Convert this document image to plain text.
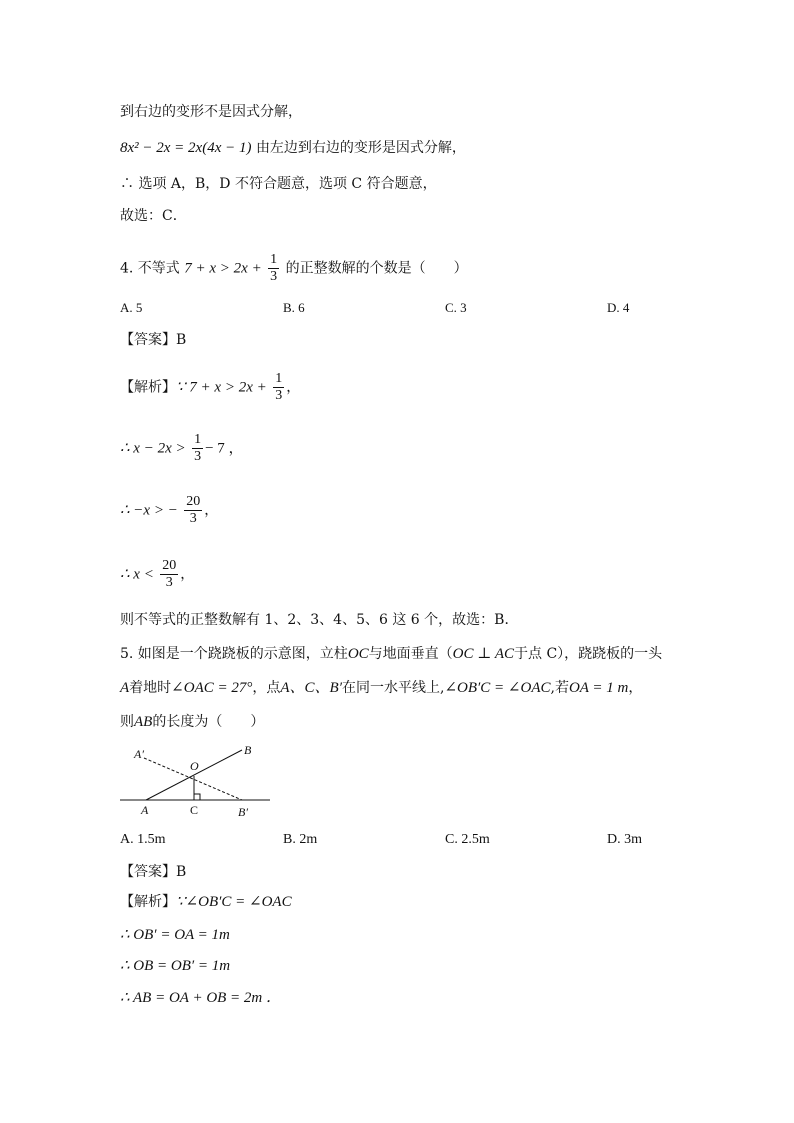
到右边的变形不是因式分解，
8x² − 2x = 2x(4x − 1) 由左边到右边的变形是因式分解，
∴ 选项 A，B，D 不符合题意，选项 C 符合题意，
故选：C．
4. 不等式 $7 + x > 2x + \frac{1}{3}$ 的正整数解的个数是（　　）
A. 5	B. 6	C. 3	D. 4
【答案】B
【解析】∵ $7 + x > 2x + \frac{1}{3}$ ，
∴ $x - 2x > \frac{1}{3} - 7$ ，
∴ −x > − $\frac{20}{3}$ ，
∴ $x < \frac{20}{3}$ ，
则不等式的正整数解有 1、2、3、4、5、6 这 6 个，故选：B．
5. 如图是一个跷跷板的示意图，立柱OC与地面垂直（OC ⊥ AC于点 C），跷跷板的一头
A着地时∠OAC = 27°，点A、C、B′在同一水平线上,∠OB′C = ∠OAC,若OA = 1 m，
则AB的长度为（　　）
A′	B
O
A	C	B′
A. 1.5m	B. 2m	C. 2.5m	D. 3m
【答案】B
【解析】∵∠OB′C = ∠OAC
∴ OB′ = OA = 1m
∴ OB = OB′ = 1m
∴ AB = OA + OB = 2m ．
